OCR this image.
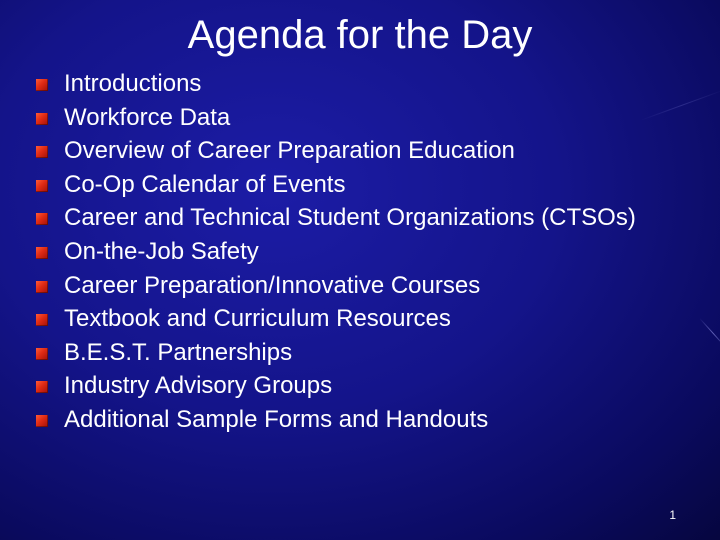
Agenda for the Day
Introductions
Workforce Data
Overview of Career Preparation Education
Co-Op Calendar of Events
Career and Technical Student Organizations (CTSOs)
On-the-Job Safety
Career Preparation/Innovative Courses
Textbook and Curriculum Resources
B.E.S.T. Partnerships
Industry Advisory Groups
Additional Sample Forms and Handouts
1
